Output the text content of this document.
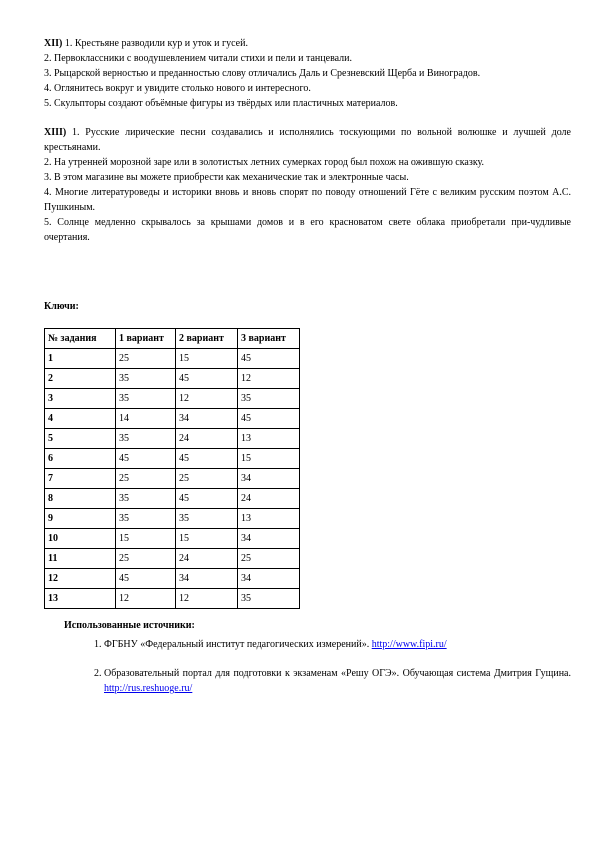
XII) 1. Крестьяне разводили кур и уток и гусей.

2. Первоклассники с воодушевлением читали стихи и пели и танцевали.

3. Рыцарской верностью и преданностью слову отличались Даль и Срезневский Щерба и Виноградов.

4. Оглянитесь вокруг и увидите столько нового и интересного.

5. Скульпторы создают объёмные фигуры из твёрдых или пластичных материалов.

XIII) 1. Русские лирические песни создавались и исполнялись тоскующими по вольной волюшке и лучшей доле крестьянами.

2. На утренней морозной заре или в золотистых летних сумерках город был похож на ожившую сказку.

3. В этом магазине вы можете приобрести как механические так и электронные часы.

4. Многие литературоведы и историки вновь и вновь спорят по поводу отношений Гёте с великим русским поэтом А.С. Пушкиным.

5. Солнце медленно скрывалось за крышами домов и в его красноватом свете облака приобретали при-чудливые очертания.

Ключи:
№ задания	1 вариант	2 вариант	3 вариант
1	25	15	45
2	35	45	12
3	35	12	35
4	14	34	45
5	35	24	13
6	45	45	15
7	25	25	34
8	35	45	24
9	35	35	13
10	15	15	34
11	25	24	25
12	45	34	34
13	12	12	35
Использованные источники:
1. ФГБНУ «Федеральный институт педагогических измерений». http://www.fipi.ru/
2. Образовательный портал для подготовки к экзаменам «Решу ОГЭ». Обучающая система Дмитрия Гущина. http://rus.reshuoge.ru/
